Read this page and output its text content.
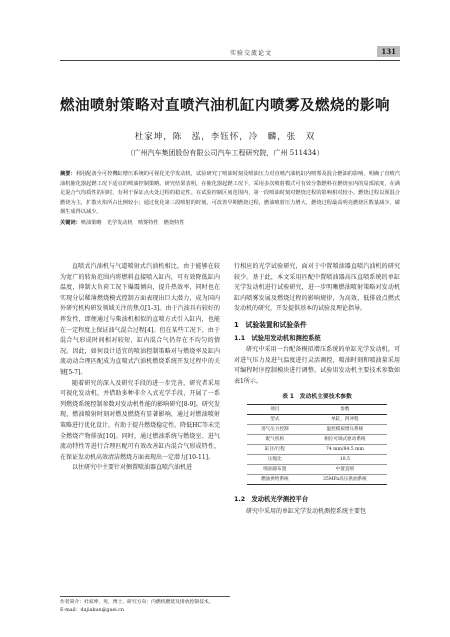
实验交流论文	131
燃油喷射策略对直喷汽油机缸内喷雾及燃烧的影响
杜家坤，陈　泓，李钰怀，冷　麟，张　双
（广州汽车集团股份有限公司汽车工程研究院，广州 511434）
摘要：利用配备全可控機缸增压系统的可视化光学发动机，试验研究了喷油时刻及喷油压力对直喷汽油机缸内喷雾及混合燃油的影响，明确了直喷汽油机催化器起燃工况下适宜的喷油控制策略。研究结果表明，在催化器起燃工况下，采用多次喷射模式可有效分散燃料在燃烧室内的局部浓度，在满足混合气均质性的同时，有利于保证点火处过程的稳定性。在试验控制区间范围内，第一段喷油时刻对燃烧过程的影响相对较小，燃烧过程以预混合燃烧为主，扩散火焰所占比例较小；通过优化第三段喷射的时刻，可改善早期燃烧过程，燃油喷射压力增大，燃烧过程最高明亮燃烧区数量减少，碳烟生成得以减少。
关键词：喷油策略　光学发动机　喷雾特性　燃烧特性

直喷式汽油机与气道喷射式汽油机相比，由于能够在较为宽广的转角范围内将燃料直接喷入缸内，可有效降低缸内温度，抑制大负荷工况下爆震倾向，提升热效率，同时也在实现分层稀薄燃烧模式控制方面表现出巨大潜力，成为国内外研究机构研发领域关注的焦点[1-3]。由于汽油具有较好的挥发性，即便通过与柴油机相似的直喷方式引入缸内，也能在一定程度上保证油气混合过程[4]。但在某些工况下，由于混合气形成时间相对较短，缸内混合气仍存在不均匀的情况。因此，如何设计适宜的喷油控制策略对与燃烧率及缸内流动动合理匹配成为直喷式汽油机燃烧系统开发过程中的关键[5-7]。

随着研究的深入及研究手段的进一步完善，研究者采用可视化发动机，并借助多种非介入式光学手段，开展了一系列燃烧系统控制参数对发动机性能的影响研究[8-9]。研究发现，燃油喷射时刻对燃及燃烧有显著影响，通过对燃油喷射策略进行优化设计，有助于提升燃烧稳定性，降低HC等未完全燃烧产物排放[10]。同时，通过燃油系统与燃烧室、进气流动特性等进行合理匹配可有效改善缸内混合气形成特性，在保证发动机高效清洁燃烧方面表现出一定潜力[10-11]。

以往研究中主要针对侧置喷油器直喷汽油机进

行相应的光学试验研究，面对于中置喷油器直喷汽油机的研究较少。基于此，本文采用匹配中置喷油器高压直喷系统的单缸光学发动机进行试验研究，进一步明晰燃油喷射策略对发动机缸内喷雾发展及燃烧过程的影响规律，为高效、低排放点燃式发动机的研究，开发提供基本的试验及理论指导。

1　试验装置和试验条件
1.1　试验用发动机和测控系统

研究中采用一台配备模拟增压系统的单缸光学发动机，可对进气压力及进气温度进行灵活调控，喷油时刻和喷油量采用可编程时序控制模块进行调整。试验用发动机主要技术参数如表1所示。

表 1　发动机主要技术参数
项目	参数
型式	单缸，四冲程
进气压力控制	温控模拟增压系统
配气机构	相位可调式驱动系统
缸径/行程	74 mm/84.5 mm
压缩比	10.5
喷油器布置	中置直喷
燃油供给系统	35MPa高压供油系统
1.2　发动机光学测控平台

研究中采用的单缸光学发动机测控系统主要包

作者简介：杜家坤，男，博士，研究方向：内燃机燃烧及排放控制技术。
E-mail：dujiakun@gaei.cn
